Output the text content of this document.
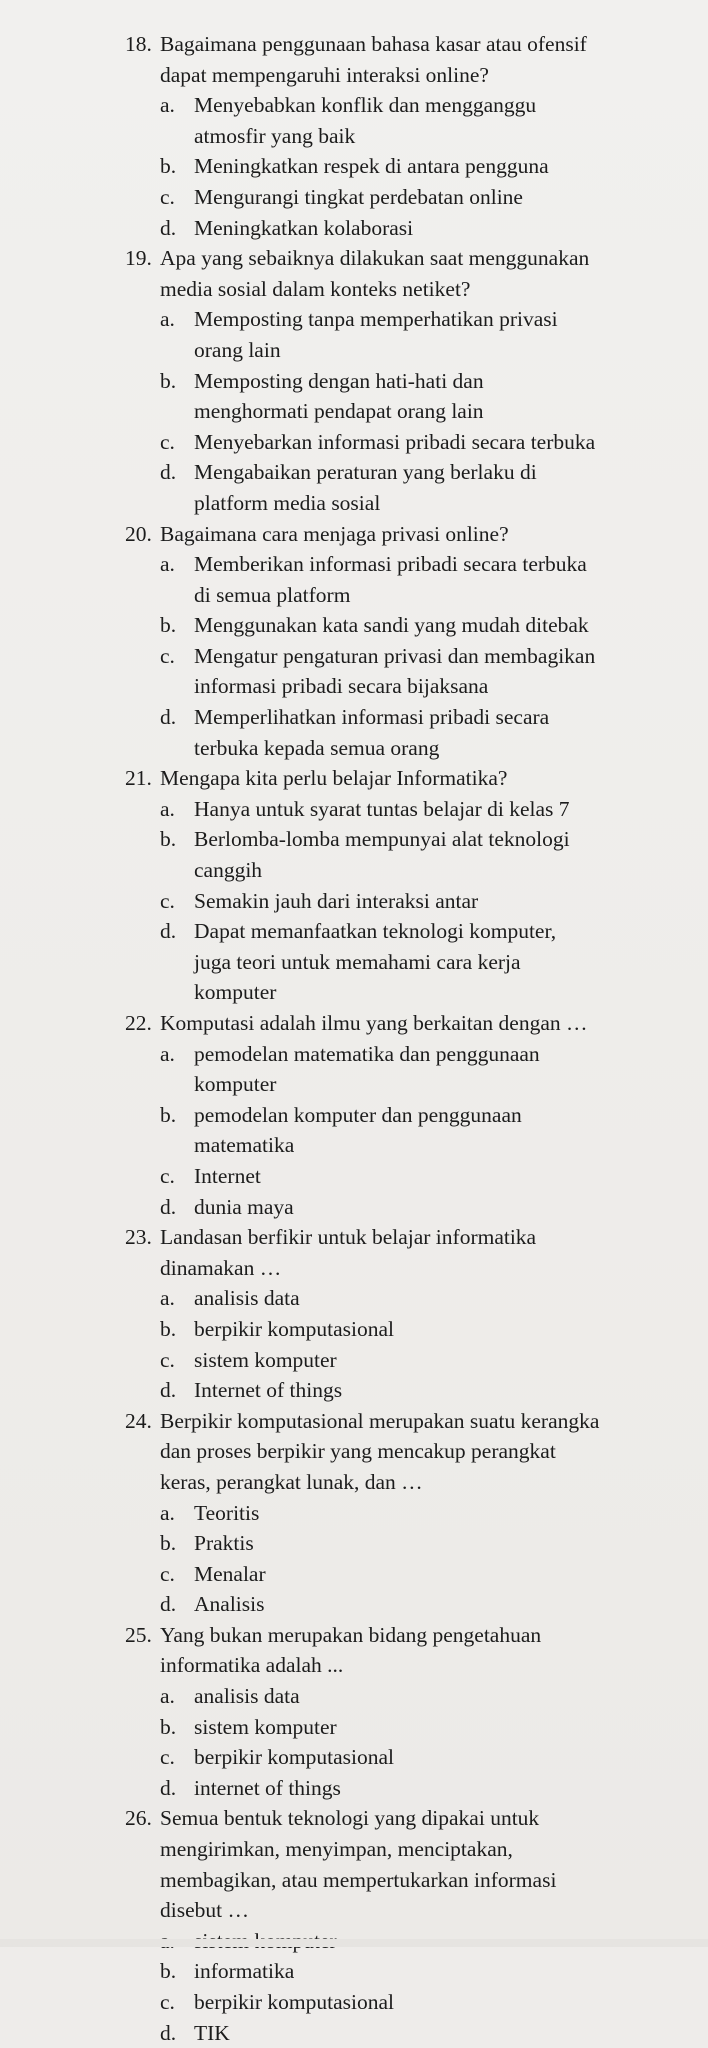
18. Bagaimana penggunaan bahasa kasar atau ofensif
dapat mempengaruhi interaksi online?
a. Menyebabkan konflik dan mengganggu
atmosfir yang baik
b. Meningkatkan respek di antara pengguna
c. Mengurangi tingkat perdebatan online
d. Meningkatkan kolaborasi
19. Apa yang sebaiknya dilakukan saat menggunakan
media sosial dalam konteks netiket?
a. Memposting tanpa memperhatikan privasi
orang lain
b. Memposting dengan hati-hati dan
menghormati pendapat orang lain
c. Menyebarkan informasi pribadi secara terbuka
d. Mengabaikan peraturan yang berlaku di
platform media sosial
20. Bagaimana cara menjaga privasi online?
a. Memberikan informasi pribadi secara terbuka
di semua platform
b. Menggunakan kata sandi yang mudah ditebak
c. Mengatur pengaturan privasi dan membagikan
informasi pribadi secara bijaksana
d. Memperlihatkan informasi pribadi secara
terbuka kepada semua orang
21. Mengapa kita perlu belajar Informatika?
a. Hanya untuk syarat tuntas belajar di kelas 7
b. Berlomba-lomba mempunyai alat teknologi
canggih
c. Semakin jauh dari interaksi antar
d. Dapat memanfaatkan teknologi komputer,
juga teori untuk memahami cara kerja
komputer
22. Komputasi adalah ilmu yang berkaitan dengan …
a. pemodelan matematika dan penggunaan
komputer
b. pemodelan komputer dan penggunaan
matematika
c. Internet
d. dunia maya
23. Landasan berfikir untuk belajar informatika
dinamakan …
a. analisis data
b. berpikir komputasional
c. sistem komputer
d. Internet of things
24. Berpikir komputasional merupakan suatu kerangka
dan proses berpikir yang mencakup perangkat
keras, perangkat lunak, dan …
a. Teoritis
b. Praktis
c. Menalar
d. Analisis
25. Yang bukan merupakan bidang pengetahuan
informatika adalah ...
a. analisis data
b. sistem komputer
c. berpikir komputasional
d. internet of things
26. Semua bentuk teknologi yang dipakai untuk
mengirimkan, menyimpan, menciptakan,
membagikan, atau mempertukarkan informasi
disebut …
b. informatika
c. berpikir komputasional
d. TIK
